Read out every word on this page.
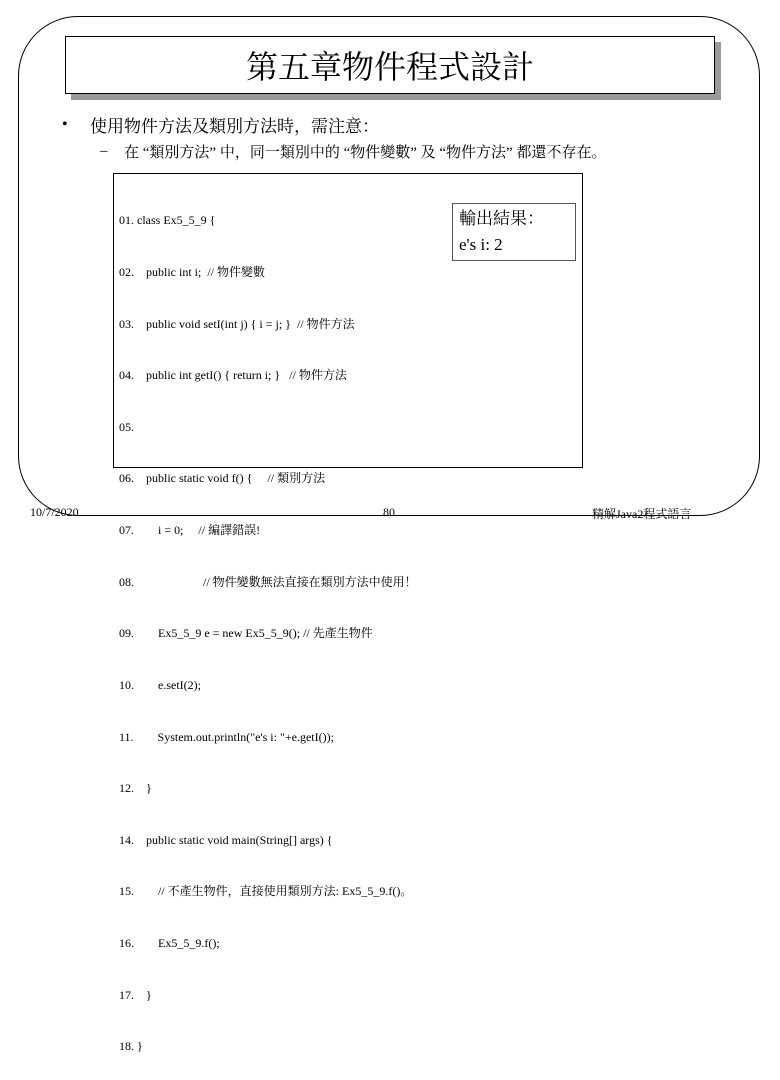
第五章物件程式設計
•	使用物件方法及類別方法時，需注意：
–	在 “類別方法” 中，同一類別中的 “物件變數” 及 “物件方法” 都還不存在。

01. class Ex5_5_9 {

02.    public int i;  // 物件變數

03.    public void setI(int j) { i = j; }  // 物件方法

04.    public int getI() { return i; }   // 物件方法

05.

06.    public static void f() {     // 類別方法

07.        i = 0;     // 編譯錯誤!

08.                       // 物件變數無法直接在類別方法中使用！

09.        Ex5_5_9 e = new Ex5_5_9(); // 先產生物件

10.        e.setI(2);

11.        System.out.println("e's i: "+e.getI());

12.    }

14.    public static void main(String[] args) {

15.        // 不產生物件，直接使用類別方法: Ex5_5_9.f()。

16.        Ex5_5_9.f();

17.    }

18. }

輸出結果：
e's i: 2
10/7/2020	80	精解Java2程式語言
